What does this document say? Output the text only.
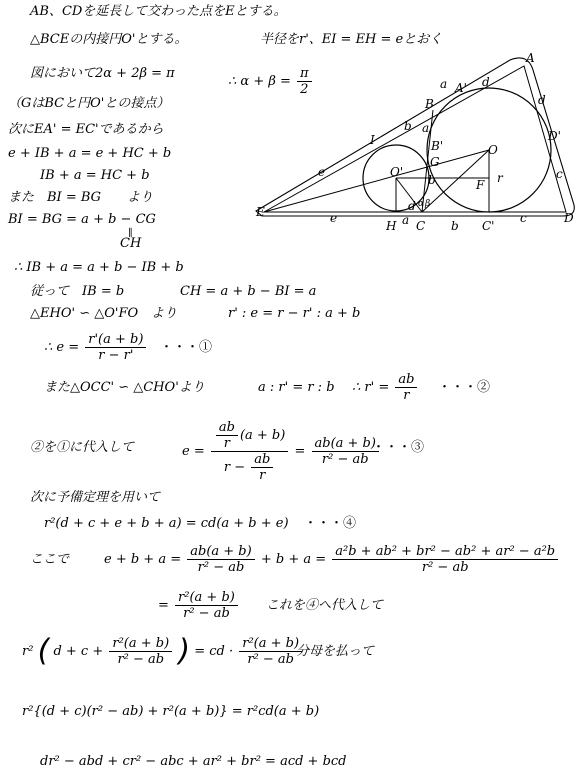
AB、CDを延長して交わった点をEとする。
△BCEの内接円O'とする。	半径をr'、EI = EH = eとおく
図において2α + 2β = π
∴ $\alpha + \beta = \frac{\pi}{2}$
（GはBCと円O'との接点）
次にEA' = EC'であるから
e + IB + a = e + HC + b
IB + a = HC + b
また　BI = BG　　より
BI = BG = a + b − CG
∥
CH
∴ IB + a = a + b − IB + b
従って　IB = b	CH = a + b − BI = a
△EHO' ∽ △O'FO　より	r' : e = r − r' : a + b
∴ $e = \frac{r'(a + b)}{r - r'}$ ・・・①
また△OCC' ∽ △CHO'より	a : r' = r : b ∴ $r' = \frac{ab}{r}$ ・・・②
②を①に代入して	$e = \frac{\frac{ab}{r} (a + b)}{r - \frac{ab}{r}} = \frac{ab(a + b)}{\text{r² − ab}}$
・・・③
次に予備定理を用いて
r²(d + c + e + b + a) = cd(a + b + e) ・・・④
ここで	$e + b + a = \frac{ab(a + b)}{\text{r² − ab}} + b + a = \frac{\text{a²b + ab² + br² − ab² + ar² − a²b}}{\text{r² − ab}}$
= $\frac{\text{r²(a + b)}}{\text{r² − ab}}$ これを④へ代入して
r² ( $d + c + \frac{\text{r²(a + b)}}{\text{r² − ab}}$ ) = cd · $\frac{\text{r²(a + b)}}{\text{r² − ab}}$
分母を払って
r²{(d + c)(r² − ab) + r²(a + b)} = r²cd(a + b)
dr² − abd + cr² − abc + ar² + br² = acd + bcd
E
A
A'
B
B'
C	C'
D
D'
F
G
H
I
O
O'	r
a
a
a
d
b
b
b
d
d
c
c
e
e
α β
